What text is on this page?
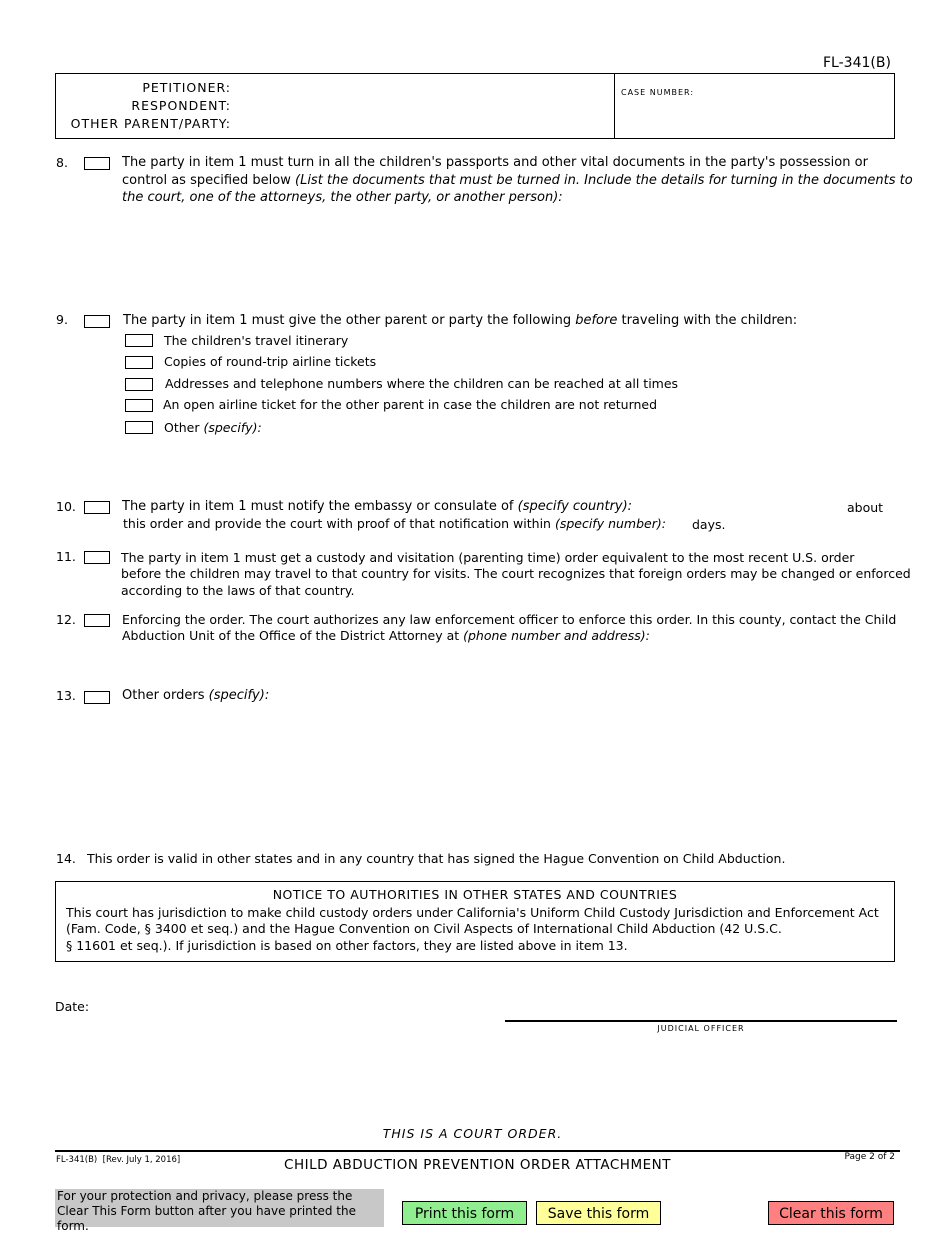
FL-341(B)
PETITIONER:
RESPONDENT:
OTHER PARENT/PARTY:
CASE NUMBER:
8.	The party in item 1 must turn in all the children's passports and other vital documents in the party's possession or
control as specified below (List the documents that must be turned in. Include the details for turning in the documents to
the court, one of the attorneys, the other party, or another person):
9.	The party in item 1 must give the other parent or party the following before traveling with the children:
The children's travel itinerary
Copies of round-trip airline tickets
Addresses and telephone numbers where the children can be reached at all times
An open airline ticket for the other parent in case the children are not returned
Other (specify):
10.	The party in item 1 must notify the embassy or consulate of (specify country):	about
this order and provide the court with proof of that notification within (specify number): days.
11.	The party in item 1 must get a custody and visitation (parenting time) order equivalent to the most recent U.S. order
before the children may travel to that country for visits. The court recognizes that foreign orders may be changed or enforced
according to the laws of that country.
12.	Enforcing the order. The court authorizes any law enforcement officer to enforce this order. In this county, contact the Child
Abduction Unit of the Office of the District Attorney at (phone number and address):
13.	Other orders (specify):
14. This order is valid in other states and in any country that has signed the Hague Convention on Child Abduction.
NOTICE TO AUTHORITIES IN OTHER STATES AND COUNTRIES
This court has jurisdiction to make child custody orders under California's Uniform Child Custody Jurisdiction and Enforcement Act
(Fam. Code, § 3400 et seq.) and the Hague Convention on Civil Aspects of International Child Abduction (42 U.S.C.
§ 11601 et seq.). If jurisdiction is based on other factors, they are listed above in item 13.
Date:
JUDICIAL OFFICER
THIS IS A COURT ORDER.
FL-341(B)  [Rev. July 1, 2016]	CHILD ABDUCTION PREVENTION ORDER ATTACHMENT	Page 2 of 2
For your protection and privacy, please press the Clear This Form button after you have printed the form.
Print this form	Save this form	Clear this form
